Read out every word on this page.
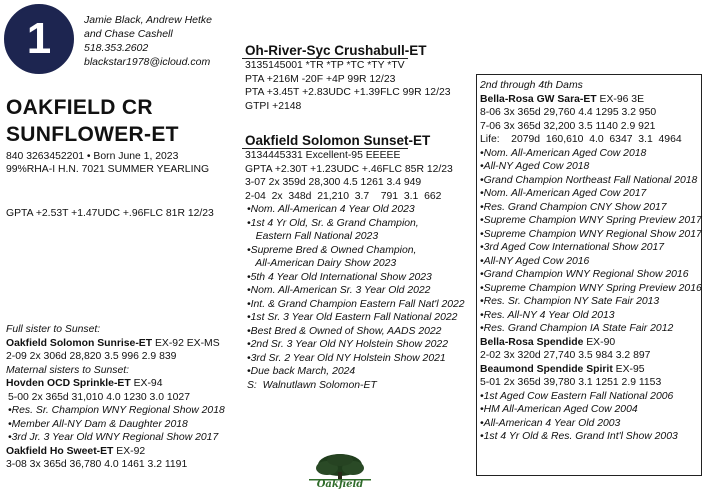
1	Jamie Black, Andrew Hetke
and Chase Cashell
518.353.2602
blackstar1978@icloud.com
OAKFIELD CR
SUNFLOWER-ET
840 3263452201 • Born June 1, 2023
99%RHA-I H.N. 7021 SUMMER YEARLING
GPTA +2.53T +1.47UDC +.96FLC 81R 12/23
Full sister to Sunset:
Oakfield Solomon Sunrise-ET EX-92 EX-MS
2-09 2x 306d 28,820 3.5 996 2.9 839
Maternal sisters to Sunset:
Hovden OCD Sprinkle-ET EX-94
5-00 2x 365d 31,010 4.0 1230 3.0 1027
•Res. Sr. Champion WNY Regional Show 2018
•Member All-NY Dam & Daughter 2018
•3rd Jr. 3 Year Old WNY Regional Show 2017
Oakfield Ho Sweet-ET EX-92
3-08 3x 365d 36,780 4.0 1461 3.2 1191
Oh-River-Syc Crushabull-ET
3135145001 *TR *TP *TC *TY *TV
PTA +216M -20F +4P 99R 12/23
PTA +3.45T +2.83UDC +1.39FLC 99R 12/23
GTPI +2148
Oakfield Solomon Sunset-ET
3134445331 Excellent-95 EEEEE
GPTA +2.30T +1.23UDC +.46FLC 85R 12/23
3-07 2x 359d 28,300 4.5 1261 3.4 949
2-04  2x  348d  21,210  3.7    791  3.1  662
•Nom. All-American 4 Year Old 2023
•1st 4 Yr Old, Sr. & Grand Champion,
Eastern Fall National 2023
•Supreme Bred & Owned Champion,
All-American Dairy Show 2023
•5th 4 Year Old International Show 2023
•Nom. All-American Sr. 3 Year Old 2022
•Int. & Grand Champion Eastern Fall Nat'l 2022
•1st Sr. 3 Year Old Eastern Fall National 2022
•Best Bred & Owned of Show, AADS 2022
•2nd Sr. 3 Year Old NY Holstein Show 2022
•3rd Sr. 2 Year Old NY Holstein Show 2021
•Due back March, 2024
S:  Walnutlawn Solomon-ET
Oakfield
2nd through 4th Dams
Bella-Rosa GW Sara-ET EX-96 3E
8-06 3x 365d 29,760 4.4 1295 3.2 950
7-06 3x 365d 32,200 3.5 1140 2.9 921
Life:    2079d  160,610  4.0  6347  3.1  4964
•Nom. All-American Aged Cow 2018
•All-NY Aged Cow 2018
•Grand Champion Northeast Fall National 2018
•Nom. All-American Aged Cow 2017
•Res. Grand Champion CNY Show 2017
•Supreme Champion WNY Spring Preview 2017
•Supreme Champion WNY Regional Show 2017
•3rd Aged Cow International Show 2017
•All-NY Aged Cow 2016
•Grand Champion WNY Regional Show 2016
•Supreme Champion WNY Spring Preview 2016
•Res. Sr. Champion NY Sate Fair 2013
•Res. All-NY 4 Year Old 2013
•Res. Grand Champion IA State Fair 2012
Bella-Rosa Spendide EX-90
2-02 3x 320d 27,740 3.5 984 3.2 897
Beaumond Spendide Spirit EX-95
5-01 2x 365d 39,780 3.1 1251 2.9 1153
•1st Aged Cow Eastern Fall National 2006
•HM All-American Aged Cow 2004
•All-American 4 Year Old 2003
•1st 4 Yr Old & Res. Grand Int'l Show 2003
